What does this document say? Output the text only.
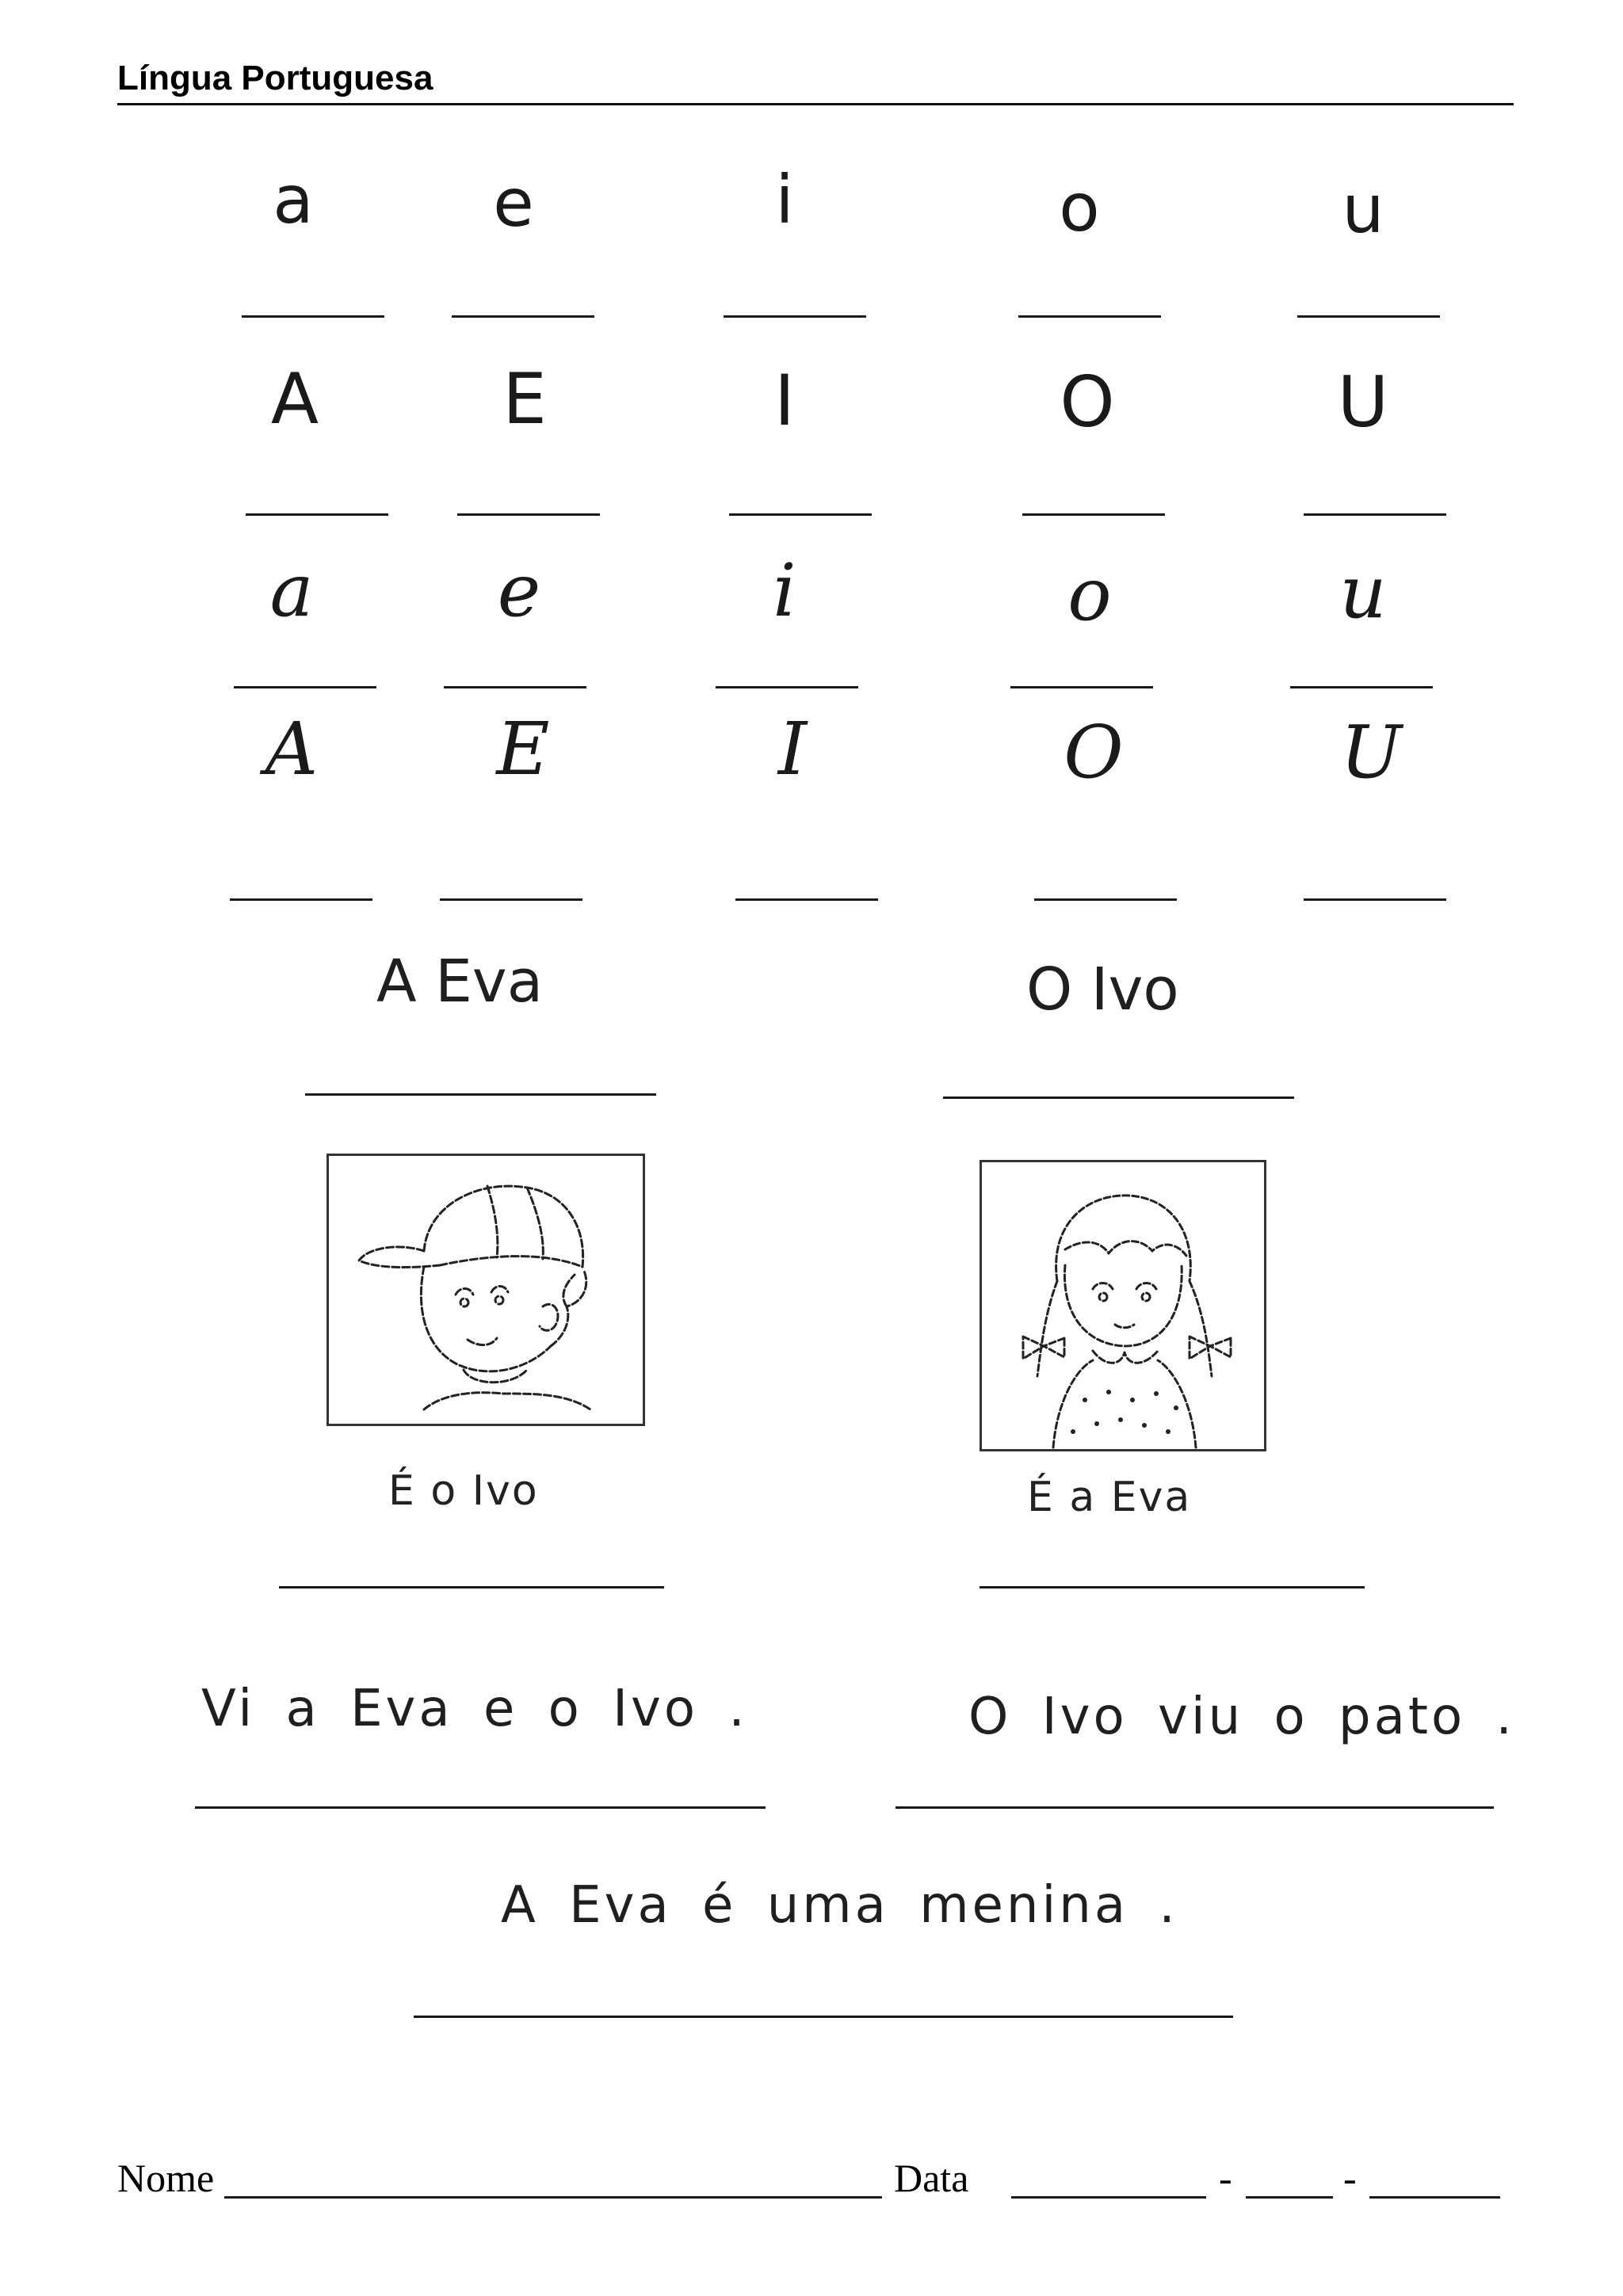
Língua Portuguesa
a	e	i	o	u
A	E	I	O	U
a	e	i	o	u
A	E	I	O	U
A Eva	O Ivo
É o Ivo	É a Eva
Vi a Eva e o Ivo .	O Ivo viu o pato .
A Eva é uma menina .
Nome	Data	-	-
